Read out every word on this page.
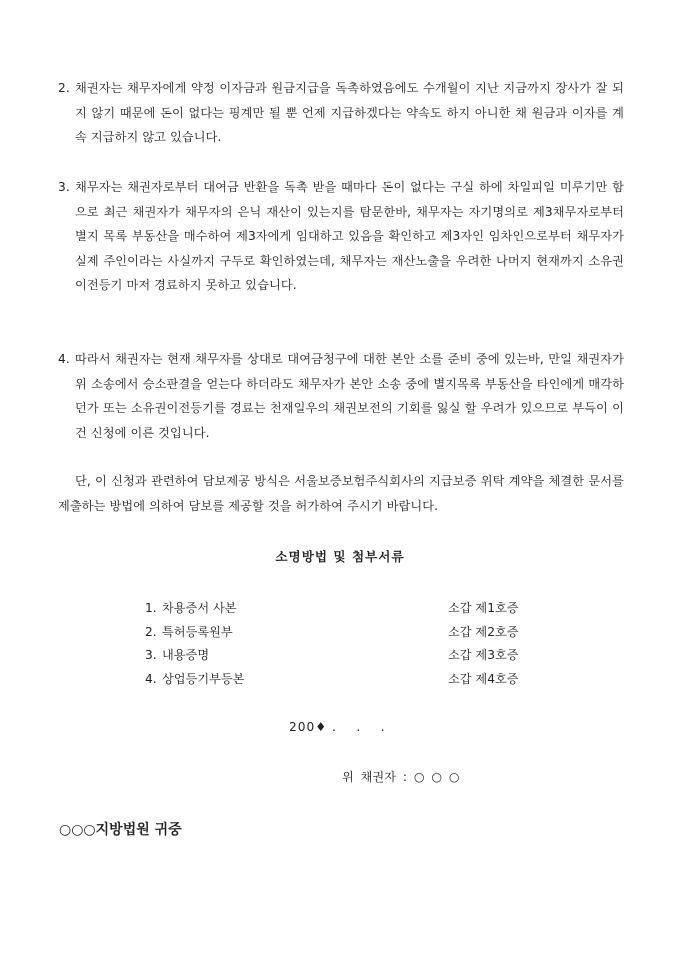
2. 채권자는 채무자에게 약정 이자금과 원금지급을 독촉하였음에도 수개월이 지난 지금까지 장사가 잘 되지 않기 때문에 돈이 없다는 핑계만 될 뿐 언제 지급하겠다는 약속도 하지 아니한 채 원금과 이자를 계속 지급하지 않고 있습니다.
3. 채무자는 채권자로부터 대여금 반환을 독촉 받을 때마다 돈이 없다는 구실 하에 차일피일 미루기만 함으로 최근 채권자가 채무자의 은닉 재산이 있는지를 탐문한바, 채무자는 자기명의로 제3채무자로부터 별지 목록 부동산을 매수하여 제3자에게 임대하고 있음을 확인하고 제3자인 임차인으로부터 채무자가 실제 주인이라는 사실까지 구두로 확인하였는데, 채무자는 재산노출을 우려한 나머지 현재까지 소유권이전등기 마저 경료하지 못하고 있습니다.
4. 따라서 채권자는 현재 채무자를 상대로 대여금청구에 대한 본안 소를 준비 중에 있는바, 만일 채권자가 위 소송에서 승소판결을 얻는다 하더라도 채무자가 본안 소송 중에 별지목록 부동산을 타인에게 매각하던가 또는 소유권이전등기를 경료는 천재일우의 채권보전의 기회를 잃실 할 우려가 있으므로 부득이 이건 신청에 이른 것입니다.
단, 이 신청과 관련하여 담보제공 방식은 서울보증보험주식회사의 지급보증 위탁 계약을 체결한 문서를 제출하는 방법에 의하여 담보를 제공할 것을 허가하여 주시기 바랍니다.
소명방법 및 첨부서류
1. 차용증서 사본	소갑 제1호증
2. 특허등록원부	소갑 제2호증
3. 내용증명	소갑 제3호증
4. 상업등기부등본	소갑 제4호증
200♦ .    .    .
위 채권자 : ○ ○ ○
○○○지방법원 귀중
